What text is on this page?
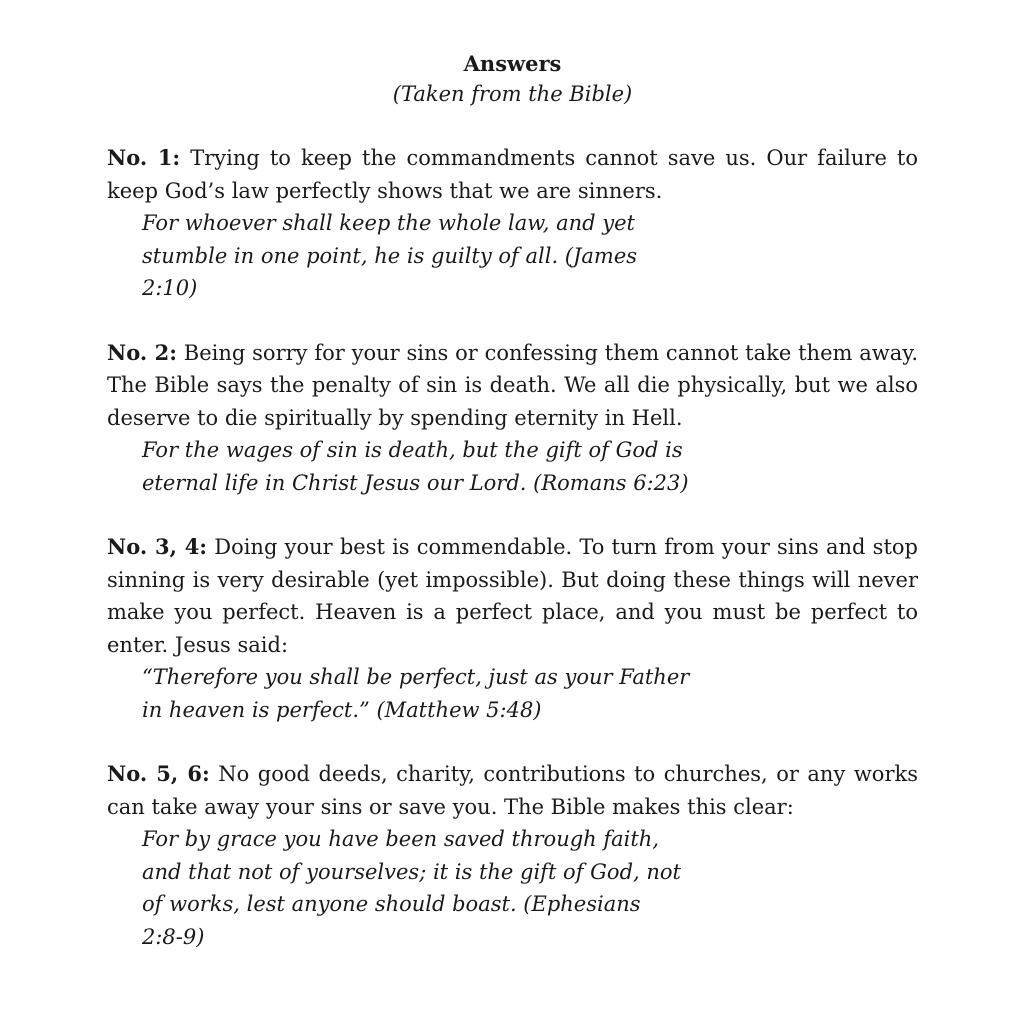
Answers

(Taken from the Bible)

No. 1: Trying to keep the commandments cannot save us. Our failure to keep God’s law perfectly shows that we are sinners.

For whoever shall keep the whole law, and yet
stumble in one point, he is guilty of all. (James
2:10)

No. 2: Being sorry for your sins or confessing them cannot take them away. The Bible says the penalty of sin is death. We all die physically, but we also deserve to die spiritually by spending eternity in Hell.

For the wages of sin is death, but the gift of God is
eternal life in Christ Jesus our Lord. (Romans 6:23)

No. 3, 4: Doing your best is commendable. To turn from your sins and stop sinning is very desirable (yet impossible). But doing these things will never make you perfect. Heaven is a perfect place, and you must be perfect to enter. Jesus said:

“Therefore you shall be perfect, just as your Father
in heaven is perfect.” (Matthew 5:48)

No. 5, 6: No good deeds, charity, contributions to churches, or any works can take away your sins or save you. The Bible makes this clear:

For by grace you have been saved through faith,
and that not of yourselves; it is the gift of God, not
of works, lest anyone should boast. (Ephesians
2:8-9)
